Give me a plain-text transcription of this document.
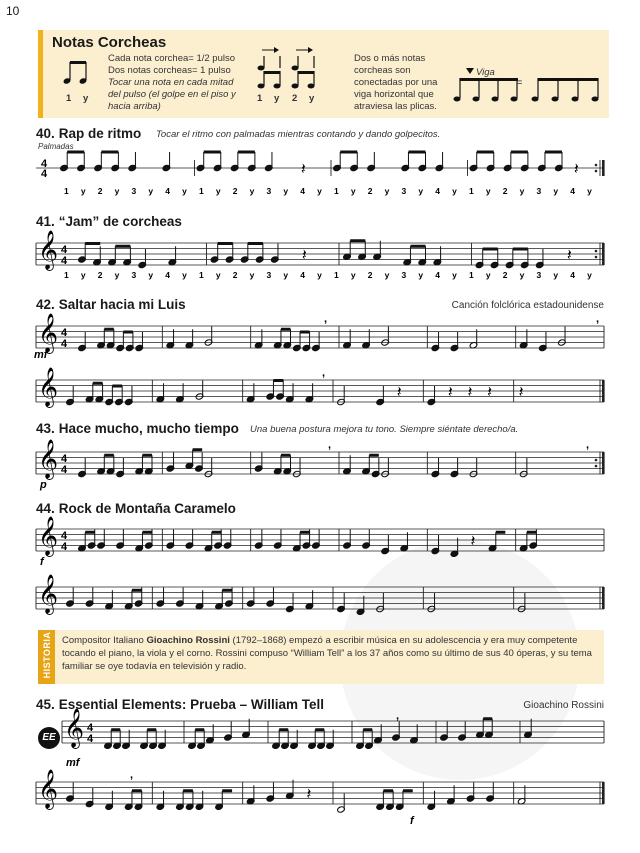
10
Notas Corcheas
1 y
Cada nota corchea= 1/2 pulso
Dos notas corcheas= 1 pulso
Tocar una nota en cada mitad
del pulso (el golpe en el piso y
hacia arriba)
1 y 2 y
Dos o más notas
corcheas son
conectadas por una
viga horizontal que
atraviesa las plicas.
Viga
=
40. Rap de ritmo Tocar el ritmo con palmadas mientras contando y dando golpecitos.
Palmadas
41. “Jam” de corcheas
42. Saltar hacia mi Luis	Canción folclórica estadounidense
43. Hace mucho, mucho tiempo Una buena postura mejora tu tono. Siempre siéntate derecho/a.
44. Rock de Montaña Caramelo
45. Essential Elements: Prueba – William Tell	Gioachino Rossini
EE
HISTORIA Compositor Italiano Gioachino Rossini (1792–1868) empezó a escribir música en su adolescencia y era muy competente tocando el piano, la viola y el corno. Rossini compuso “William Tell” a los 37 años como su último de sus 40 óperas, y su tema familiar se oye todavía en televisión y radio.
4
4	𝄽	𝄽
1 y 2 y 3 y 4 y 1 y 2 y 3 y 4 y 1 y 2 y 3 y 4 y 1 y 2 y 3 y 4 y
𝄞 4
4	𝄽	𝄽
1 y 2 y 3 y 4 y 1 y 2 y 3 y 4 y 1 y 2 y 3 y 4 y 1 y 2 y 3 y 4 y
𝄞 4
4
mf
𝄞	𝄽	𝄽 𝄽 𝄽 𝄽
,	,
,
𝄞 4
4
p
,	,
𝄞 4
4	𝄽
f
𝄞
𝄞 4
4
mf
,
𝄞	𝄽
f
,
